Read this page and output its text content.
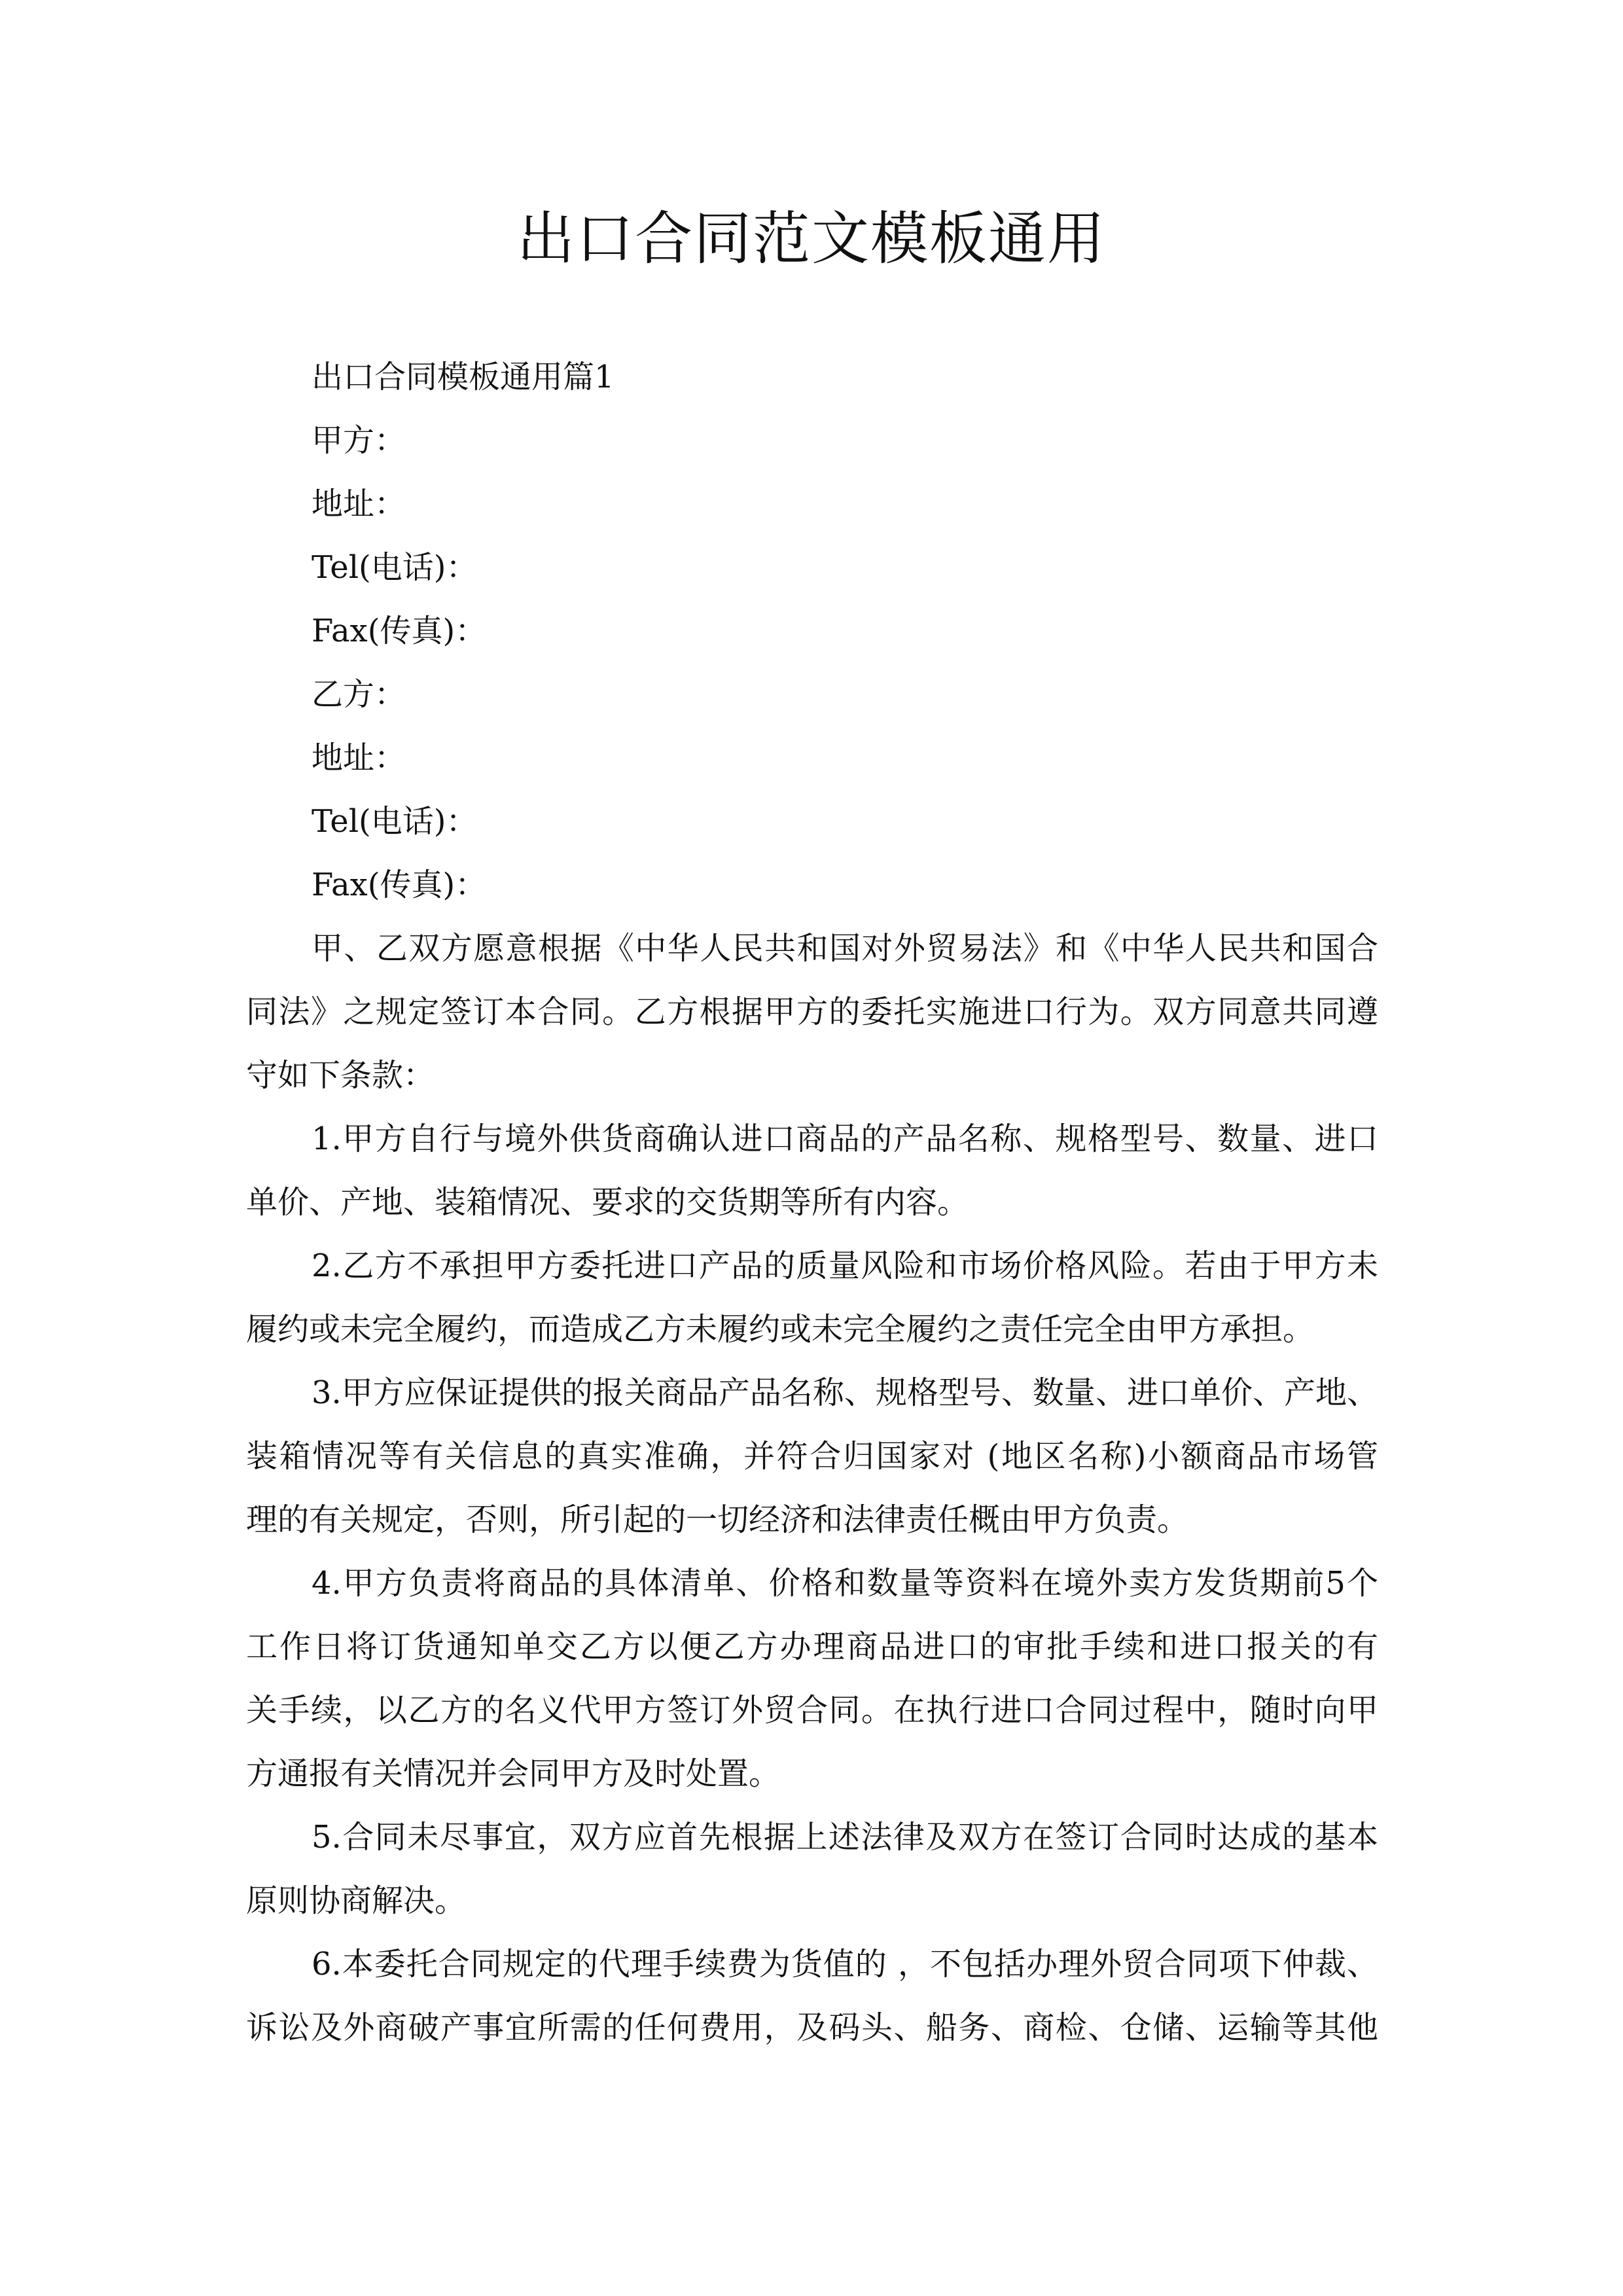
出口合同范文模板通用
出口合同模板通用篇1
甲方：
地址：
Tel(电话)：
Fax(传真)：
乙方：
地址：
Tel(电话)：
Fax(传真)：
甲、乙双方愿意根据《中华人民共和国对外贸易法》和《中华人民共和国合
同法》之规定签订本合同。乙方根据甲方的委托实施进口行为。双方同意共同遵
守如下条款：
1.甲方自行与境外供货商确认进口商品的产品名称、规格型号、数量、进口
单价、产地、装箱情况、要求的交货期等所有内容。
2.乙方不承担甲方委托进口产品的质量风险和市场价格风险。若由于甲方未
履约或未完全履约，而造成乙方未履约或未完全履约之责任完全由甲方承担。
3.甲方应保证提供的报关商品产品名称、规格型号、数量、进口单价、产地、
装箱情况等有关信息的真实准确，并符合归国家对 (地区名称)小额商品市场管
理的有关规定，否则，所引起的一切经济和法律责任概由甲方负责。
4.甲方负责将商品的具体清单、价格和数量等资料在境外卖方发货期前5个
工作日将订货通知单交乙方以便乙方办理商品进口的审批手续和进口报关的有
关手续，以乙方的名义代甲方签订外贸合同。在执行进口合同过程中，随时向甲
方通报有关情况并会同甲方及时处置。
5.合同未尽事宜，双方应首先根据上述法律及双方在签订合同时达成的基本
原则协商解决。
6.本委托合同规定的代理手续费为货值的 ，不包括办理外贸合同项下仲裁、
诉讼及外商破产事宜所需的任何费用，及码头、船务、商检、仓储、运输等其他
